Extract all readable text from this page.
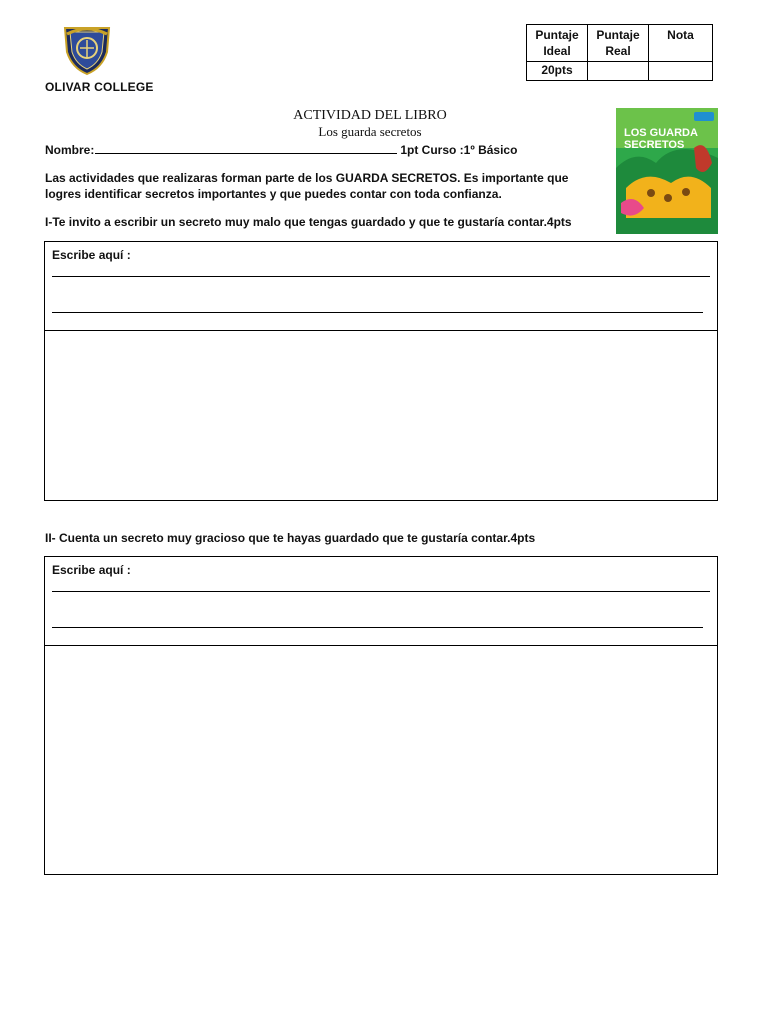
OLIVAR COLLEGE
Puntaje Ideal	Puntaje Real	Nota
20pts		
ACTIVIDAD DEL LIBRO
Los guarda secretos
Nombre:	1pt Curso :1º Básico
Las actividades que realizaras forman parte de los GUARDA SECRETOS. Es importante que logres identificar secretos importantes y que puedes contar con toda confianza.
I-Te invito a escribir un secreto muy malo que tengas guardado y que te gustaría contar.4pts
LOS GUARDA
SECRETOS
Escribe aquí :
II- Cuenta un secreto muy gracioso que te hayas guardado que te gustaría contar.4pts
Escribe aquí :
